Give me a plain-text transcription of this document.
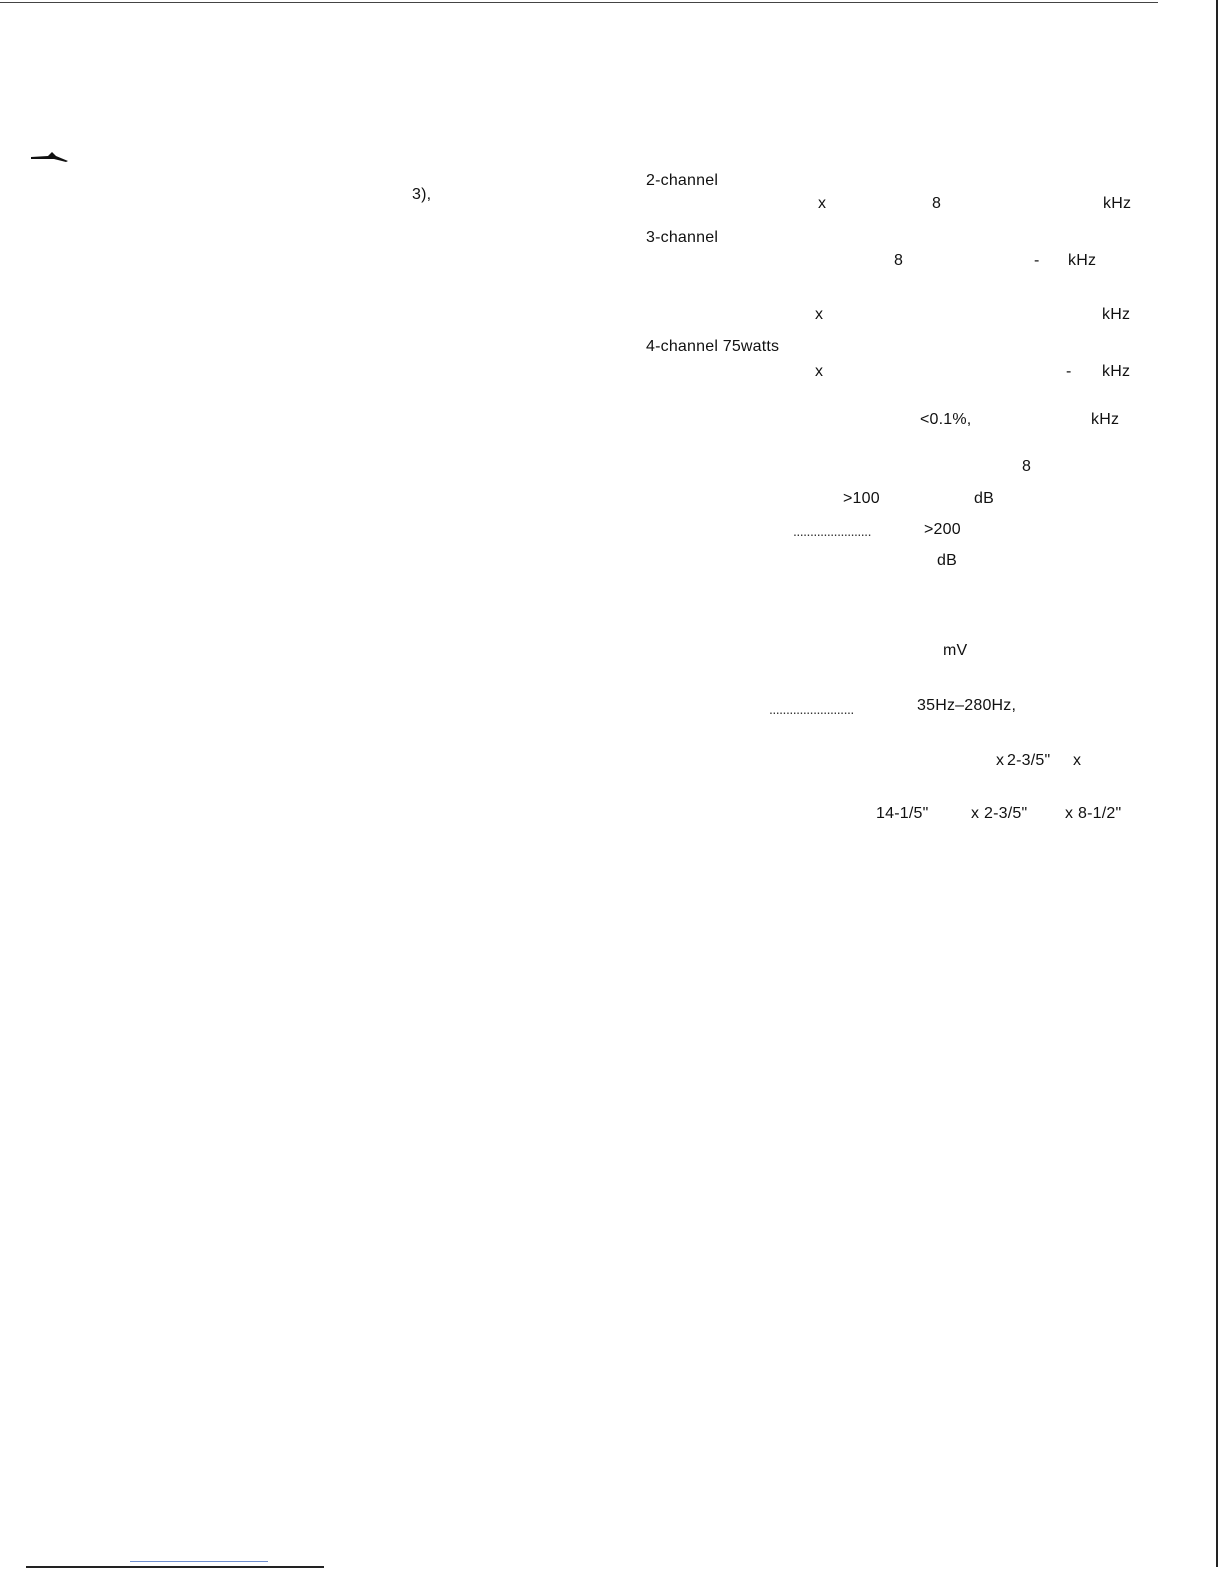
3),
2-channel
x	8	kHz
3-channel
8	- kHz
x	kHz
4-channel 75watts
x	- kHz
<0.1%,	kHz
8
>100	dB
.......................	>200
dB
mV
.........................	35Hz–280Hz,
x 2-3/5" x
14-1/5"	x 2-3/5" x 8-1/2"
